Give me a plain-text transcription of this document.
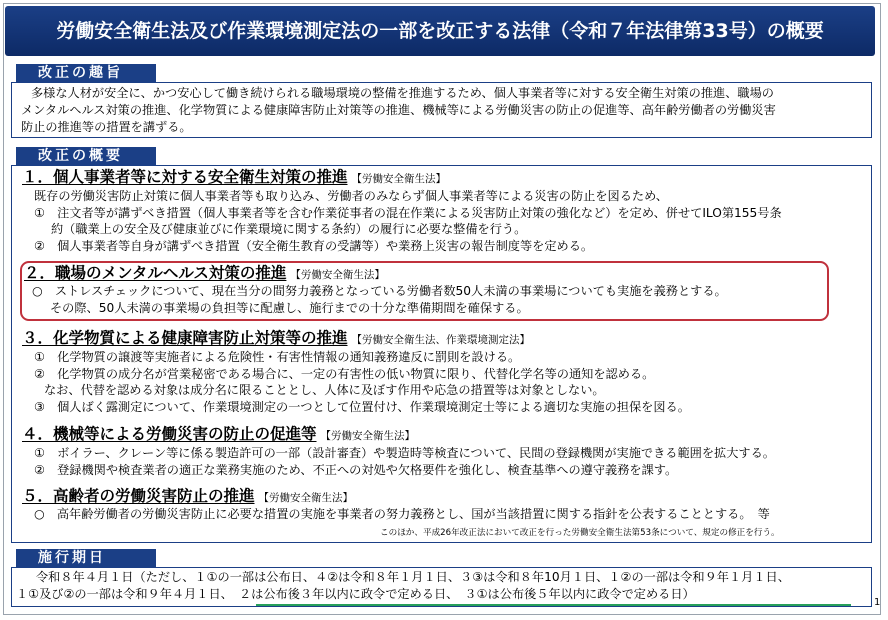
労働安全衛生法及び作業環境測定法の一部を改正する法律（令和７年法律第33号）の概要
改正の趣旨
多様な人材が安全に、かつ安心して働き続けられる職場環境の整備を推進するため、個人事業者等に対する安全衛生対策の推進、職場の
メンタルヘルス対策の推進、化学物質による健康障害防止対策等の推進、機械等による労働災害の防止の促進等、高年齢労働者の労働災害
防止の推進等の措置を講ずる。
改正の概要
１．個人事業者等に対する安全衛生対策の推進 【労働安全衛生法】
既存の労働災害防止対策に個人事業者等も取り込み、労働者のみならず個人事業者等による災害の防止を図るため、
①　注文者等が講ずべき措置（個人事業者等を含む作業従事者の混在作業による災害防止対策の強化など）を定め、併せてILO第155号条
約（職業上の安全及び健康並びに作業環境に関する条約）の履行に必要な整備を行う。
②　個人事業者等自身が講ずべき措置（安全衛生教育の受講等）や業務上災害の報告制度等を定める。
２．職場のメンタルヘルス対策の推進 【労働安全衛生法】
○　ストレスチェックについて、現在当分の間努力義務となっている労働者数50人未満の事業場についても実施を義務とする。
その際、50人未満の事業場の負担等に配慮し、施行までの十分な準備期間を確保する。
３．化学物質による健康障害防止対策等の推進 【労働安全衛生法、作業環境測定法】
①　化学物質の譲渡等実施者による危険性・有害性情報の通知義務違反に罰則を設ける。
②　化学物質の成分名が営業秘密である場合に、一定の有害性の低い物質に限り、代替化学名等の通知を認める。
なお、代替を認める対象は成分名に限ることとし、人体に及ぼす作用や応急の措置等は対象としない。
③　個人ばく露測定について、作業環境測定の一つとして位置付け、作業環境測定士等による適切な実施の担保を図る。
４．機械等による労働災害の防止の促進等 【労働安全衛生法】
①　ボイラー、クレーン等に係る製造許可の一部（設計審査）や製造時等検査について、民間の登録機関が実施できる範囲を拡大する。
②　登録機関や検査業者の適正な業務実施のため、不正への対処や欠格要件を強化し、検査基準への遵守義務を課す。
５．高齢者の労働災害防止の推進 【労働安全衛生法】
○　高年齢労働者の労働災害防止に必要な措置の実施を事業者の努力義務とし、国が当該措置に関する指針を公表することとする。　等
このほか、平成26年改正法において改正を行った労働安全衛生法第53条について、規定の修正を行う。
施行期日
令和８年４月１日（ただし、１①の一部は公布日、４②は令和８年１月１日、３③は令和８年10月１日、１②の一部は令和９年１月１日、
１①及び②の一部は令和９年４月１日、　２は公布後３年以内に政令で定める日、　３①は公布後５年以内に政令で定める日）
1
